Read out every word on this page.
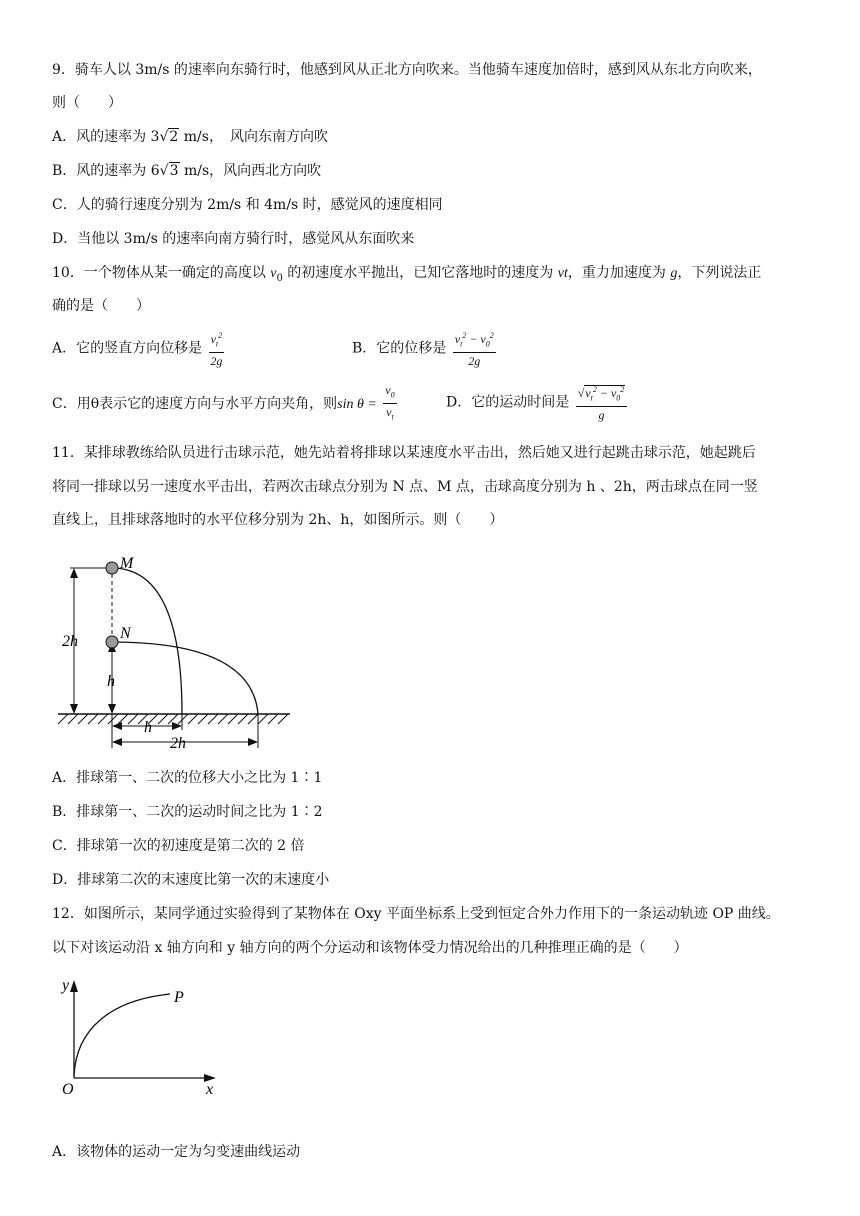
9．骑车人以 3m/s 的速率向东骑行时，他感到风从正北方向吹来。当他骑车速度加倍时，感到风从东北方向吹来，
则（　　）
A．风的速率为 3√2 m/s，　风向东南方向吹
B．风的速率为 6√3 m/s，风向西北方向吹
C．人的骑行速度分别为 2m/s 和 4m/s 时，感觉风的速度相同
D．当他以 3m/s 的速率向南方骑行时，感觉风从东面吹来
10．一个物体从某一确定的高度以 $v_0$ 的初速度水平抛出，已知它落地时的速度为 vt，重力加速度为 g，下列说法正
确的是（　　）
A．它的竖直方向位移是 $\frac{v_t^2}{2g}$	B．它的位移是 $\frac{v_t^2 - v_0^2}{2g}$
C．用θ表示它的速度方向与水平方向夹角，则$\sin \theta = \frac{v_0}{v_t}$	D．它的运动时间是 $\frac{√v_t^2 - v_0^2}{g}$
11．某排球教练给队员进行击球示范，她先站着将排球以某速度水平击出，然后她又进行起跳击球示范，她起跳后
将同一排球以另一速度水平击出，若两次击球点分别为 N 点、M 点，击球高度分别为 h 、2h，两击球点在同一竖
直线上，且排球落地时的水平位移分别为 2h、h，如图所示。则（　　）
2h
h
M
N
h
2h
A．排球第一、二次的位移大小之比为 1∶1
B．排球第一、二次的运动时间之比为 1∶2
C．排球第一次的初速度是第二次的 2 倍
D．排球第二次的末速度比第一次的末速度小
12．如图所示，某同学通过实验得到了某物体在 Oxy 平面坐标系上受到恒定合外力作用下的一条运动轨迹 OP 曲线。
以下对该运动沿 x 轴方向和 y 轴方向的两个分运动和该物体受力情况给出的几种推理正确的是（　　）
y
x
O
P
A．该物体的运动一定为匀变速曲线运动
